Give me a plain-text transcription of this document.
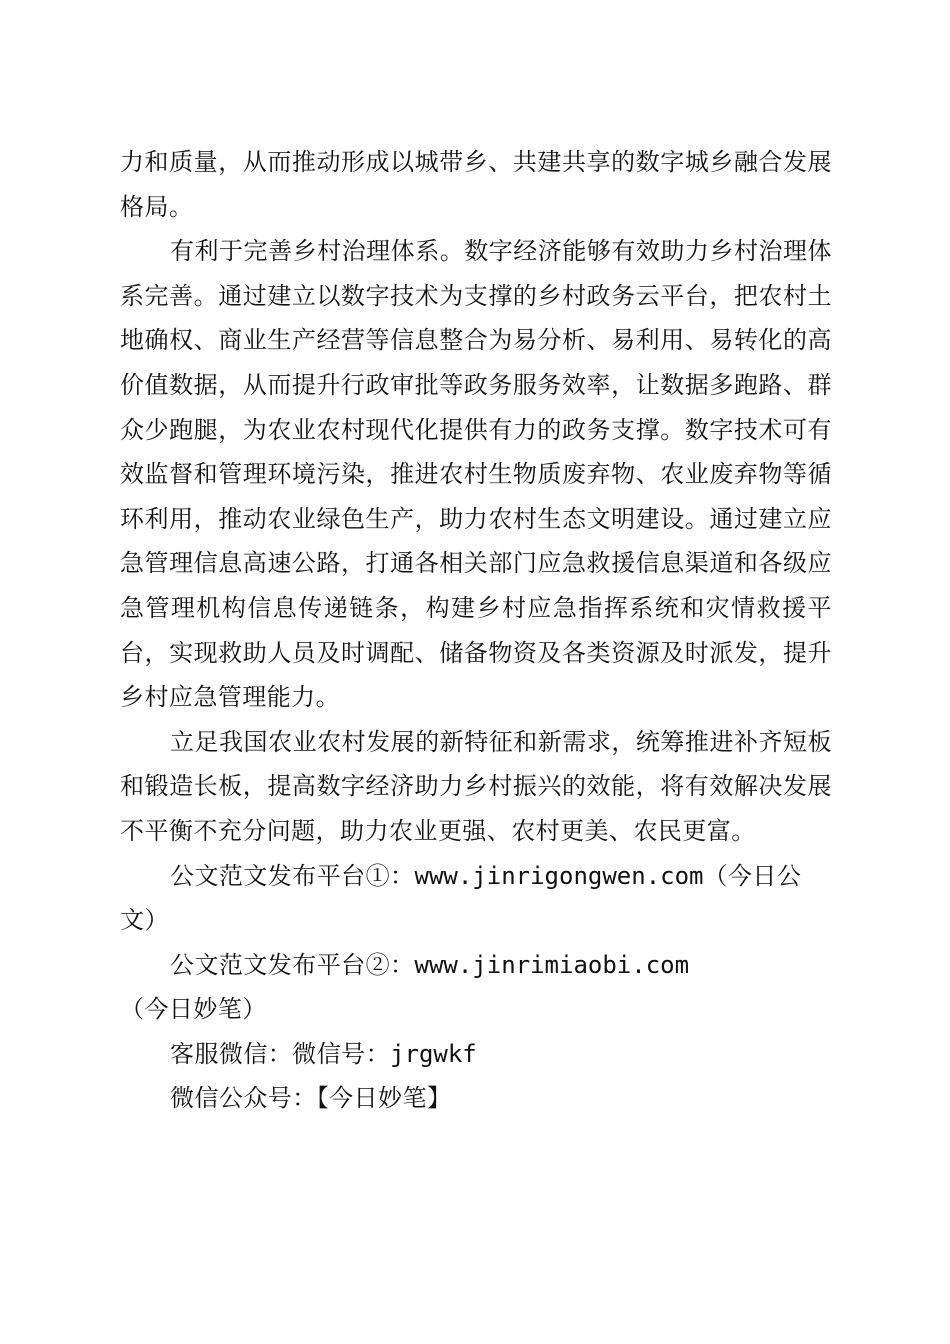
力和质量，从而推动形成以城带乡、共建共享的数字城乡融合发展格局。

有利于完善乡村治理体系。数字经济能够有效助力乡村治理体系完善。通过建立以数字技术为支撑的乡村政务云平台，把农村土地确权、商业生产经营等信息整合为易分析、易利用、易转化的高价值数据，从而提升行政审批等政务服务效率，让数据多跑路、群众少跑腿，为农业农村现代化提供有力的政务支撑。数字技术可有效监督和管理环境污染，推进农村生物质废弃物、农业废弃物等循环利用，推动农业绿色生产，助力农村生态文明建设。通过建立应急管理信息高速公路，打通各相关部门应急救援信息渠道和各级应急管理机构信息传递链条，构建乡村应急指挥系统和灾情救援平台，实现救助人员及时调配、储备物资及各类资源及时派发，提升乡村应急管理能力。

立足我国农业农村发展的新特征和新需求，统筹推进补齐短板和锻造长板，提高数字经济助力乡村振兴的效能，将有效解决发展不平衡不充分问题，助力农业更强、农村更美、农民更富。

公文范文发布平台①：www.jinrigongwen.com（今日公文）

公文范文发布平台②：www.jinrimiaobi.com（今日妙笔）

客服微信：微信号：jrgwkf

微信公众号：【今日妙笔】
